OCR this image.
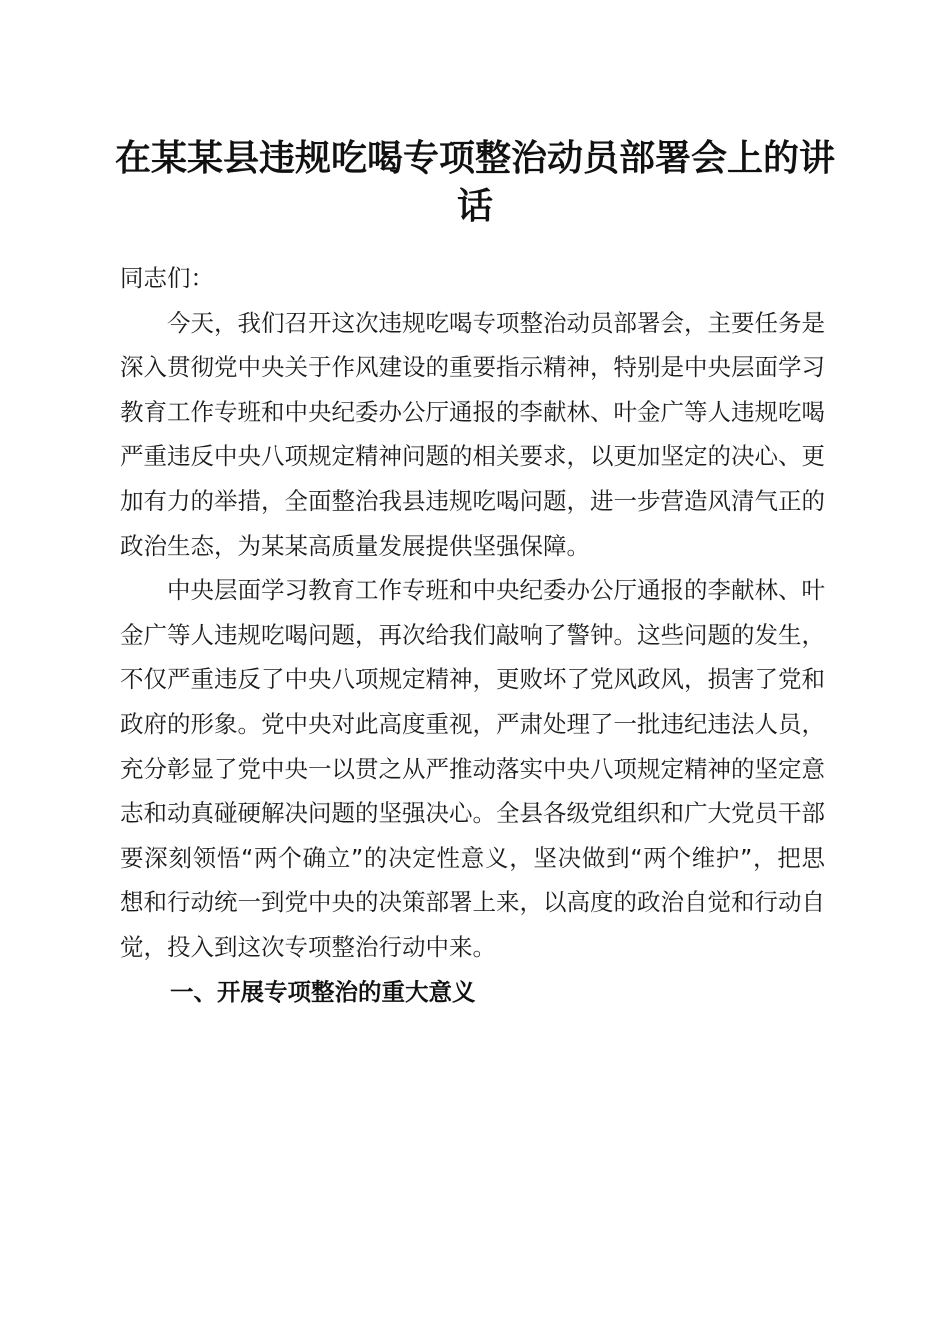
在某某县违规吃喝专项整治动员部署会上的讲话

同志们：

今天，我们召开这次违规吃喝专项整治动员部署会，主要任务是深入贯彻党中央关于作风建设的重要指示精神，特别是中央层面学习教育工作专班和中央纪委办公厅通报的李献林、叶金广等人违规吃喝严重违反中央八项规定精神问题的相关要求，以更加坚定的决心、更加有力的举措，全面整治我县违规吃喝问题，进一步营造风清气正的政治生态，为某某高质量发展提供坚强保障。

中央层面学习教育工作专班和中央纪委办公厅通报的李献林、叶金广等人违规吃喝问题，再次给我们敲响了警钟。这些问题的发生，不仅严重违反了中央八项规定精神，更败坏了党风政风，损害了党和政府的形象。党中央对此高度重视，严肃处理了一批违纪违法人员，充分彰显了党中央一以贯之从严推动落实中央八项规定精神的坚定意志和动真碰硬解决问题的坚强决心。全县各级党组织和广大党员干部要深刻领悟“两个确立”的决定性意义，坚决做到“两个维护”，把思想和行动统一到党中央的决策部署上来，以高度的政治自觉和行动自觉，投入到这次专项整治行动中来。

一、开展专项整治的重大意义
